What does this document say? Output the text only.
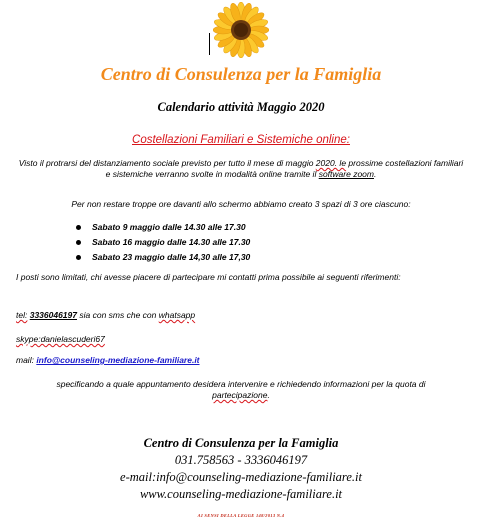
Centro di Consulenza per la Famiglia
Calendario attività Maggio 2020
Costellazioni Familiari e Sistemiche online:
Visto il protrarsi del distanziamento sociale previsto per tutto il mese di maggio 2020. le prossime costellazioni familiari e sistemiche verranno svolte in modalità online tramite il software zoom.
Per non restare troppe ore davanti allo schermo abbiamo creato 3 spazi di 3 ore ciascuno:
Sabato 9 maggio dalle 14.30 alle 17.30
Sabato 16 maggio dalle 14.30 alle 17.30
Sabato 23 maggio dalle 14,30 alle 17,30
I posti sono limitati, chi avesse piacere di partecipare mi contatti prima possibile ai seguenti riferimenti:
tel: 3336046197 sia con sms che con whatsapp
skype:danielascuderi67
mail: info@counseling-mediazione-familiare.it
specificando a quale appuntamento desidera intervenire e richiedendo informazioni per la quota di partecipazione.
Centro di Consulenza per la Famiglia
031.758563 - 3336046197
e-mail:info@counseling-mediazione-familiare.it
www.counseling-mediazione-familiare.it
AI SENSI DELLA LEGGE 148/2013 N.4
